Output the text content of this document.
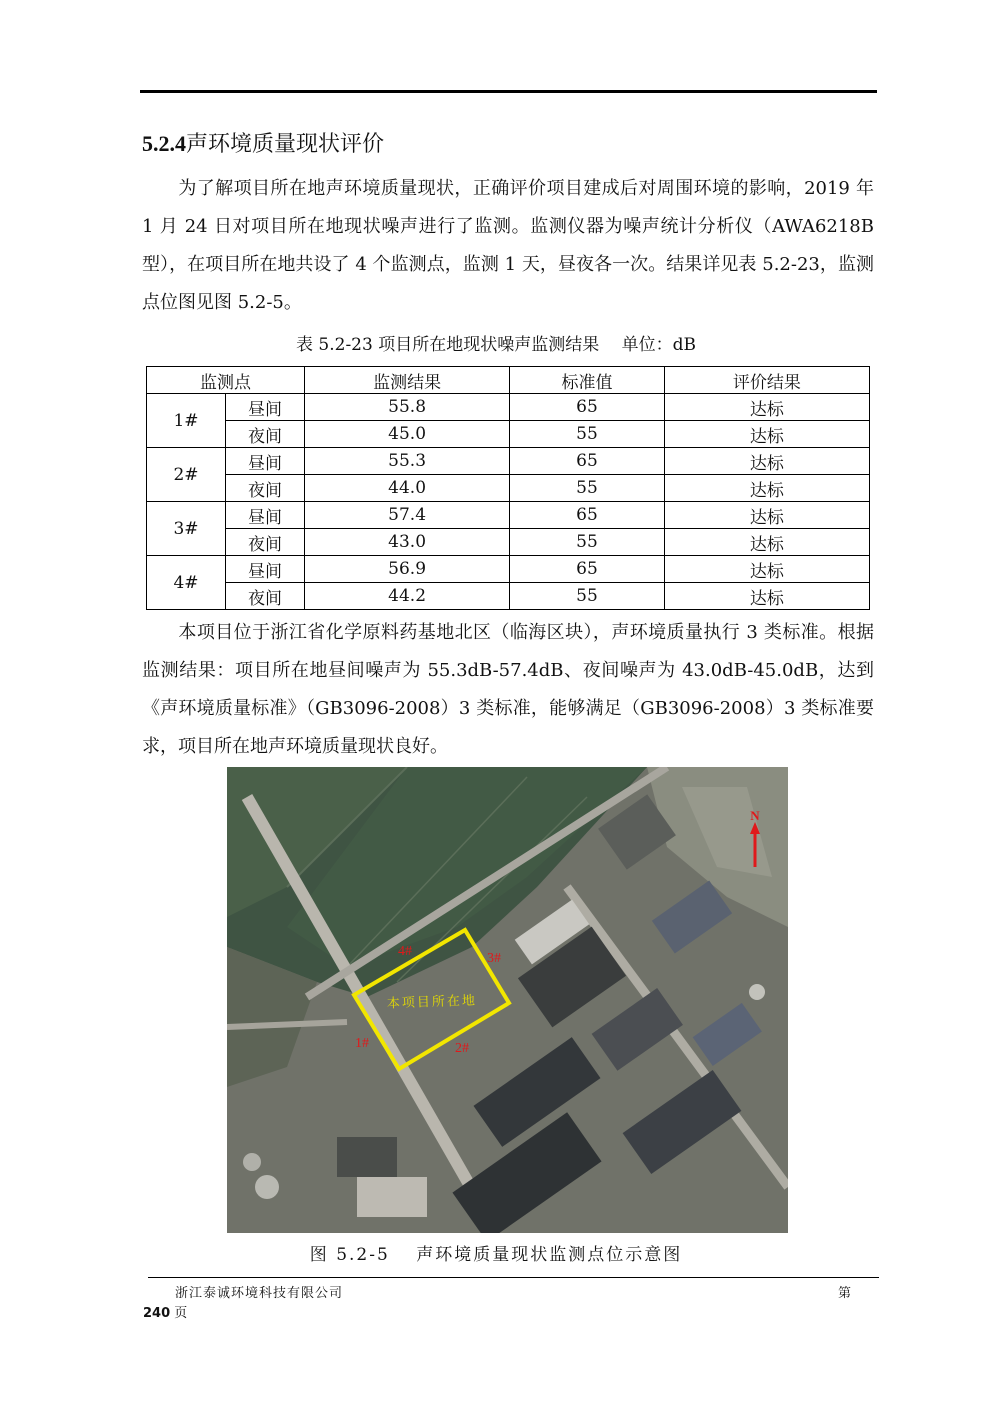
5.2.4声环境质量现状评价
为了解项目所在地声环境质量现状，正确评价项目建成后对周围环境的影响，2019 年 1 月 24 日对项目所在地现状噪声进行了监测。监测仪器为噪声统计分析仪（AWA6218B 型），在项目所在地共设了 4 个监测点，监测 1 天，昼夜各一次。结果详见表 5.2-23，监测点位图见图 5.2-5。
表 5.2-23 项目所在地现状噪声监测结果　 单位：dB
监测点		监测结果	标准值	评价结果
1#	昼间	55.8	65	达标
	夜间	45.0	55	达标
2#	昼间	55.3	65	达标
	夜间	44.0	55	达标
3#	昼间	57.4	65	达标
	夜间	43.0	55	达标
4#	昼间	56.9	65	达标
	夜间	44.2	55	达标
本项目位于浙江省化学原料药基地北区（临海区块），声环境质量执行 3 类标准。根据监测结果：项目所在地昼间噪声为 55.3dB-57.4dB、夜间噪声为 43.0dB-45.0dB，达到《声环境质量标准》（GB3096-2008）3 类标准，能够满足（GB3096-2008）3 类标准要求，项目所在地声环境质量现状良好。
N
本项目所在地
1#	2#
3#
4#
图 5.2-5　 声环境质量现状监测点位示意图
浙江泰诚环境科技有限公司	第
240 页
